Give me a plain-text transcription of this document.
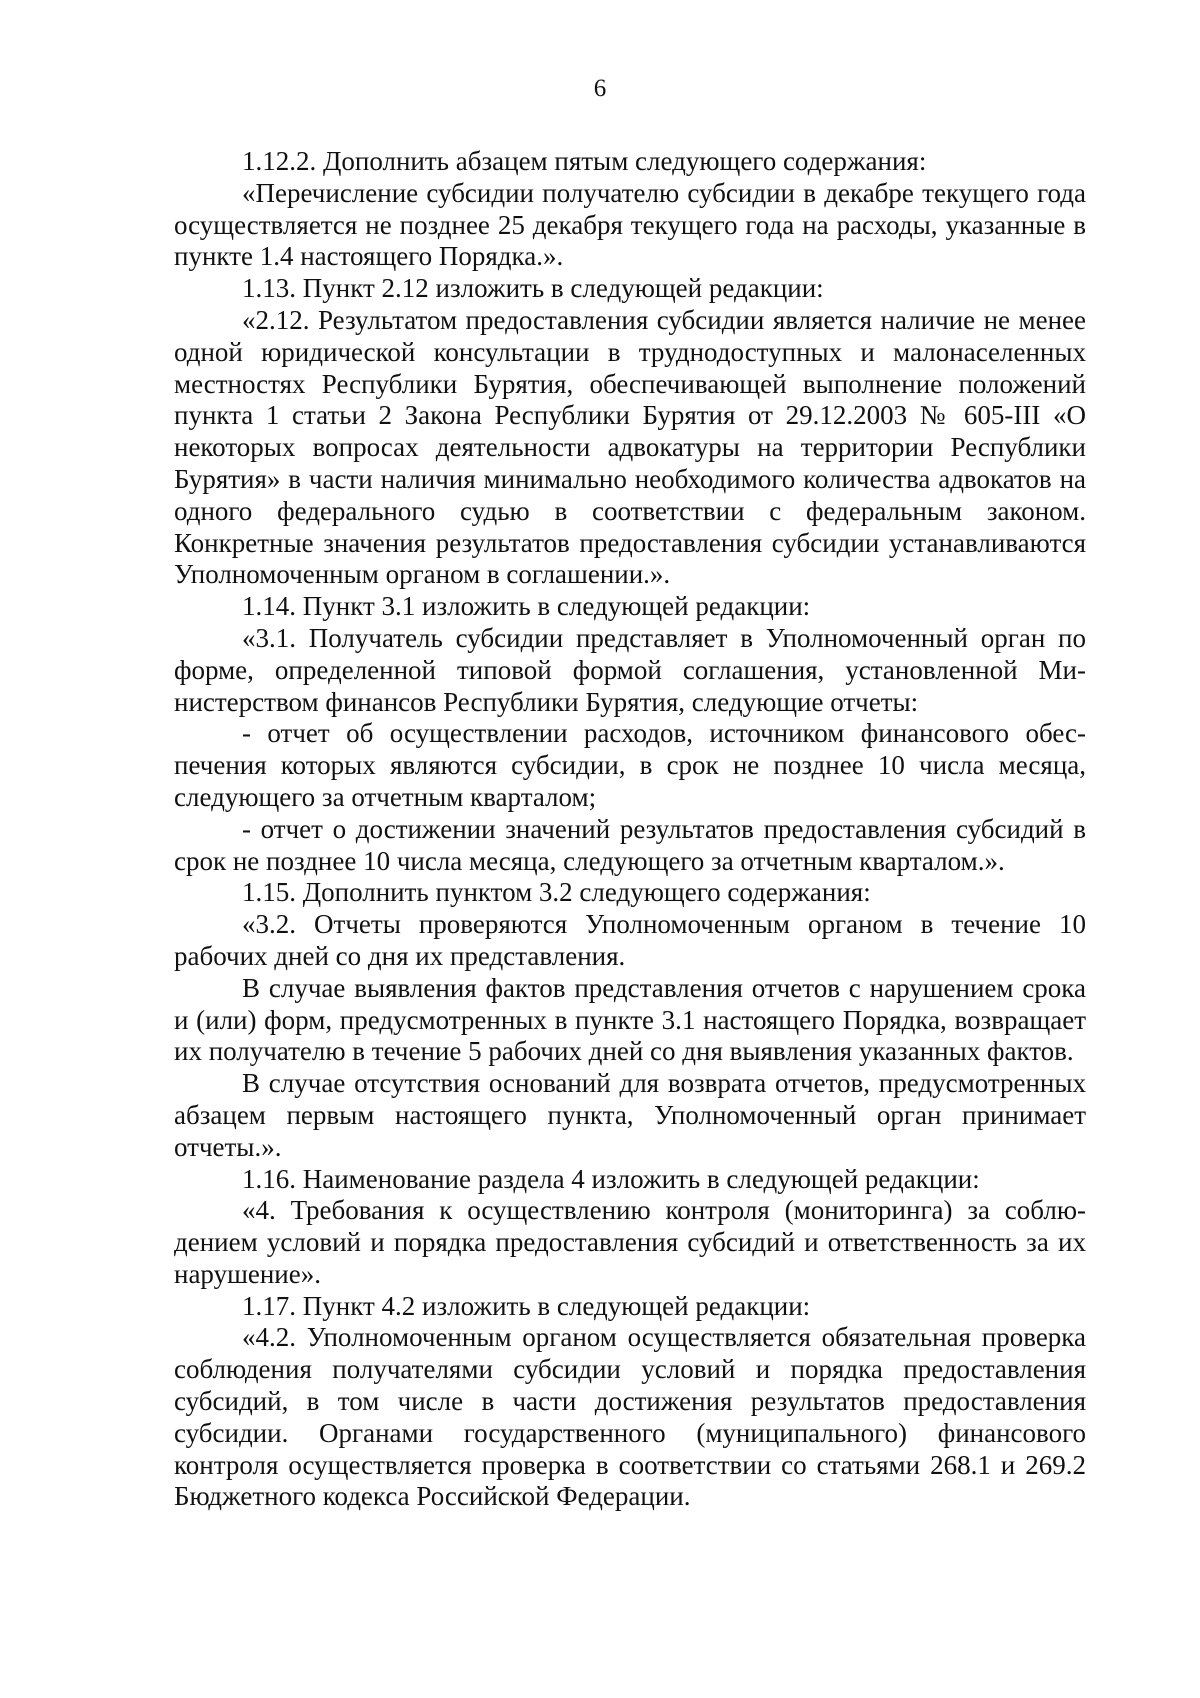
6

1.12.2. Дополнить абзацем пятым следующего содержания:

«Перечисление субсидии получателю субсидии в декабре текущего года осуществляется не позднее 25 декабря текущего года на расходы, указанные в пункте 1.4 настоящего Порядка.».

1.13. Пункт 2.12 изложить в следующей редакции:

«2.12. Результатом предоставления субсидии является наличие не менее одной юридической консультации в труднодоступных и малонаселенных местностях Республики Бурятия, обеспечивающей выполнение положений пункта 1 статьи 2 Закона Республики Бурятия от 29.12.2003 № 605-III «О некоторых вопросах деятельности адвокатуры на территории Республики Бурятия» в части наличия минимально необходимого количества адвокатов на одного федерального судью в соответствии с федеральным законом. Конкретные значения результатов предоставления субсидии устанавливаются Уполномоченным органом в соглашении.».

1.14. Пункт 3.1 изложить в следующей редакции:

«3.1. Получатель субсидии представляет в Уполномоченный орган по форме, определенной типовой формой соглашения, установленной Министерством финансов Республики Бурятия, следующие отчеты:

- отчет об осуществлении расходов, источником финансового обеспечения которых являются субсидии, в срок не позднее 10 числа месяца, следующего за отчетным кварталом;

- отчет о достижении значений результатов предоставления субсидий в срок не позднее 10 числа месяца, следующего за отчетным кварталом.».

1.15. Дополнить пунктом 3.2 следующего содержания:

«3.2. Отчеты проверяются Уполномоченным органом в течение 10 рабочих дней со дня их представления.

В случае выявления фактов представления отчетов с нарушением срока и (или) форм, предусмотренных в пункте 3.1 настоящего Порядка, возвращает их получателю в течение 5 рабочих дней со дня выявления указанных фактов.

В случае отсутствия оснований для возврата отчетов, предусмотренных абзацем первым настоящего пункта, Уполномоченный орган принимает отчеты.».

1.16. Наименование раздела 4 изложить в следующей редакции:

«4. Требования к осуществлению контроля (мониторинга) за соблюдением условий и порядка предоставления субсидий и ответственность за их нарушение».

1.17. Пункт 4.2 изложить в следующей редакции:

«4.2. Уполномоченным органом осуществляется обязательная проверка соблюдения получателями субсидии условий и порядка предоставления субсидий, в том числе в части достижения результатов предоставления субсидии. Органами государственного (муниципального) финансового контроля осуществляется проверка в соответствии со статьями 268.1 и 269.2 Бюджетного кодекса Российской Федерации.
